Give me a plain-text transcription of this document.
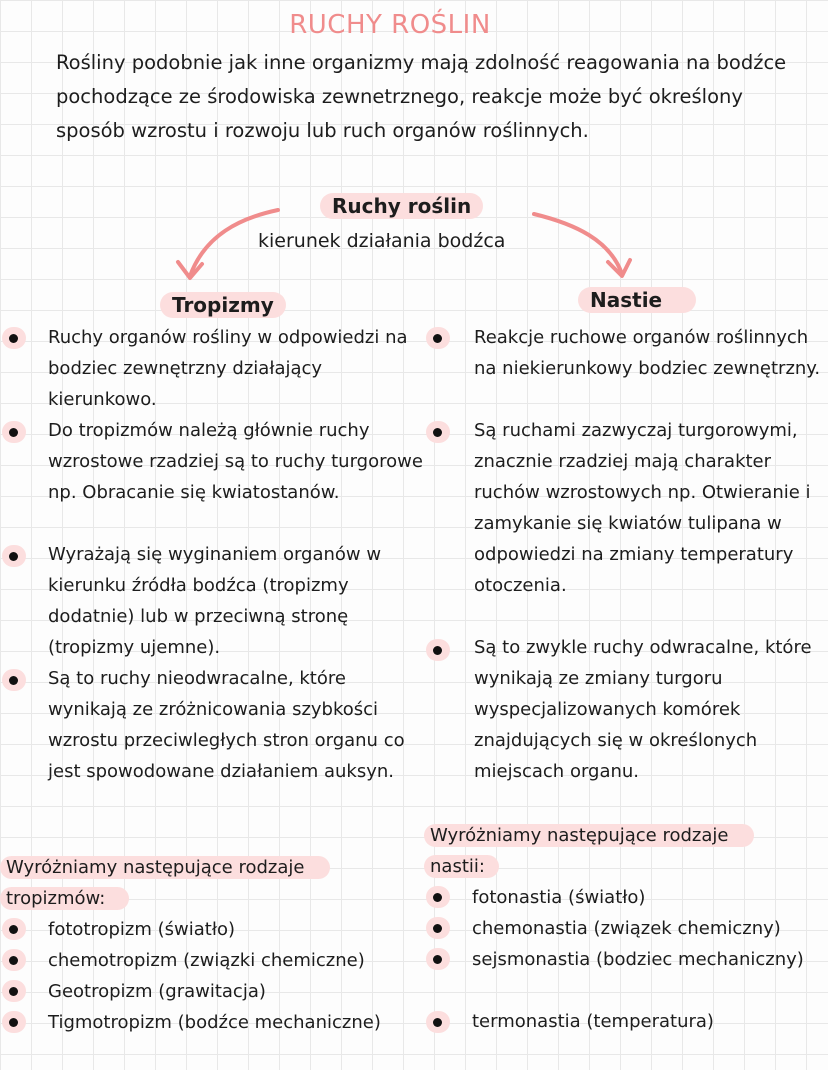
RUCHY ROŚLIN

Rośliny podobnie jak inne organizmy mają zdolność reagowania na bodźce pochodzące ze środowiska zewnetrznego, reakcje może być określony sposób wzrostu i rozwoju lub ruch organów roślinnych.

Ruchy roślin
kierunek działania bodźca
Tropizmy	Nastie
Ruchy organów rośliny w odpowiedzi na bodziec zewnętrzny działający kierunkowo.
Do tropizmów należą głównie ruchy wzrostowe rzadziej są to ruchy turgorowe np. Obracanie się kwiatostanów.
Wyrażają się wyginaniem organów w kierunku źródła bodźca (tropizmy dodatnie) lub w przeciwną stronę (tropizmy ujemne).
Są to ruchy nieodwracalne, które wynikają ze zróżnicowania szybkości wzrostu przeciwległych stron organu co jest spowodowane działaniem auksyn.
Reakcje ruchowe organów roślinnych na niekierunkowy bodziec zewnętrzny.
Są ruchami zazwyczaj turgorowymi, znacznie rzadziej mają charakter ruchów wzrostowych np. Otwieranie i zamykanie się kwiatów tulipana w odpowiedzi na zmiany temperatury otoczenia.
Są to zwykle ruchy odwracalne, które wynikają ze zmiany turgoru wyspecjalizowanych komórek znajdujących się w określonych miejscach organu.
Wyróżniamy następujące rodzaje
tropizmów:
fototropizm (światło)
chemotropizm (związki chemiczne)
Geotropizm (grawitacja)
Tigmotropizm (bodźce mechaniczne)
Wyróżniamy następujące rodzaje
nastii:
fotonastia (światło)
chemonastia (związek chemiczny)
sejsmonastia (bodziec mechaniczny)
termonastia (temperatura)
